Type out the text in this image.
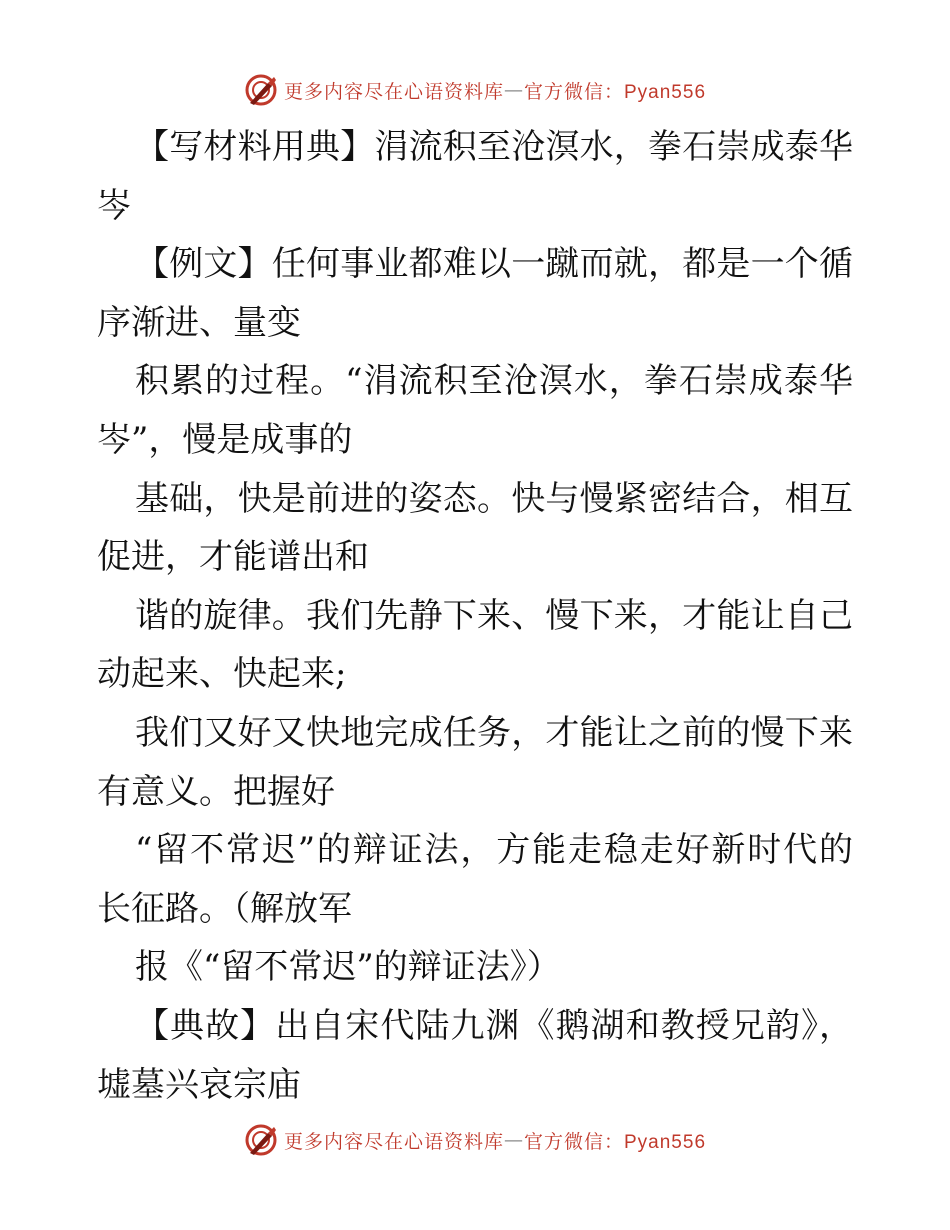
更多内容尽在心语资料库 — 官方微信：Pyan556
【写材料用典】涓流积至沧溟水，拳石崇成泰华
岑
【例文】任何事业都难以一蹴而就，都是一个循
序渐进、量变
积累的过程。“涓流积至沧溟水，拳石崇成泰华
岑”，慢是成事的
基础，快是前进的姿态。快与慢紧密结合，相互
促进，才能谱出和
谐的旋律。我们先静下来、慢下来，才能让自己
动起来、快起来;
我们又好又快地完成任务，才能让之前的慢下来
有意义。把握好
“留不常迟”的辩证法，方能走稳走好新时代的
长征路。（解放军
报《“留不常迟”的辩证法》）
【典故】出自宋代陆九渊《鹅湖和教授兄韵》，
墟墓兴哀宗庙
更多内容尽在心语资料库 — 官方微信：Pyan556
